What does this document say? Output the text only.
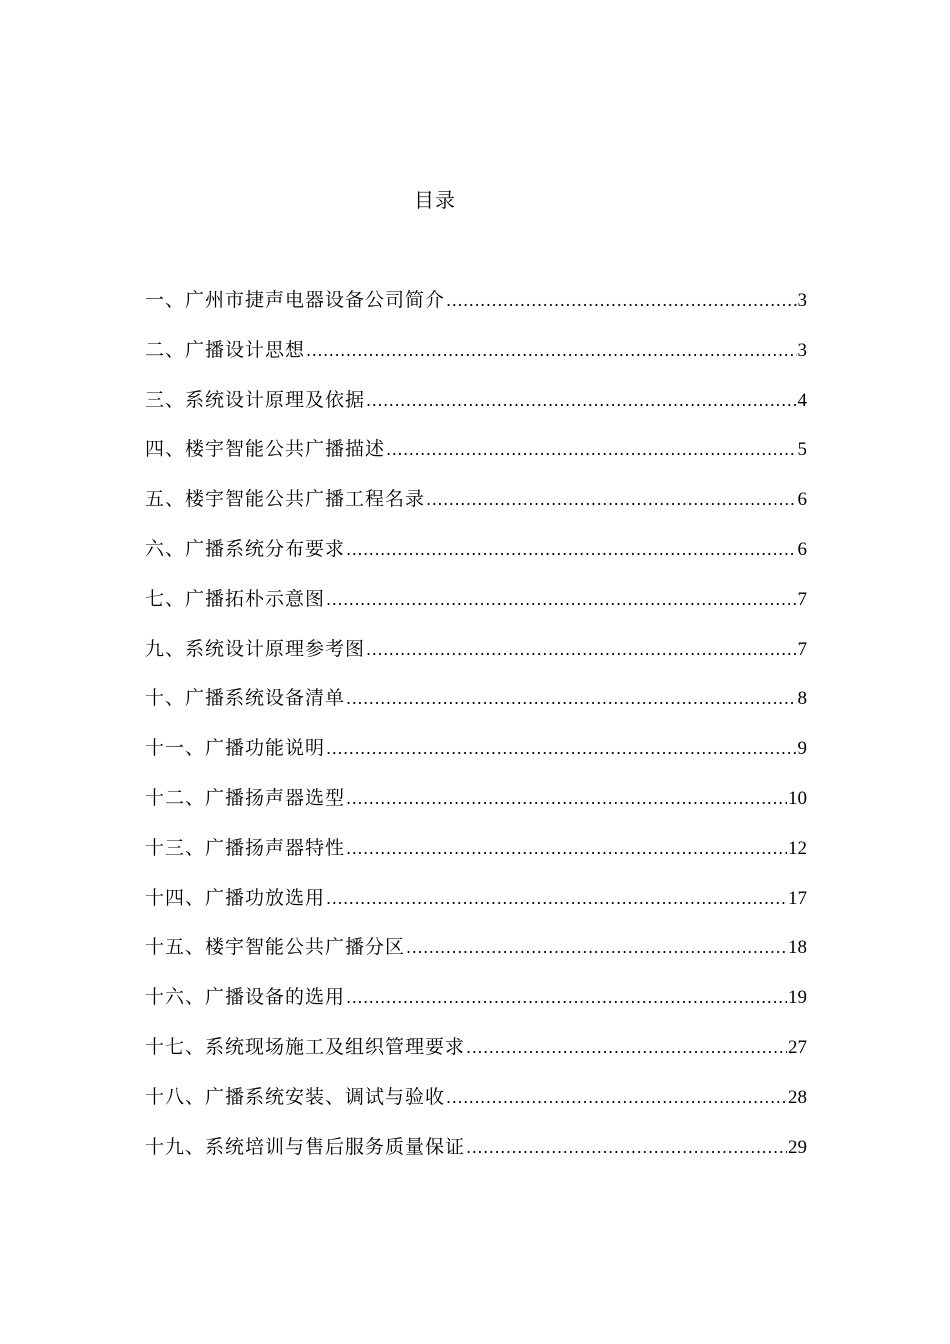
目录
一、广州市捷声电器设备公司简介 .....	3
二、广播设计思想 .....	3
三、系统设计原理及依据 .....	4
四、楼宇智能公共广播描述 .....	5
五、楼宇智能公共广播工程名录 .....	6
六、广播系统分布要求 .....	6
七、广播拓朴示意图 .....	7
九、系统设计原理参考图 .....	7
十、广播系统设备清单 .....	8
十一、广播功能说明 .....	9
十二、广播扬声器选型 .....	10
十三、广播扬声器特性 .....	12
十四、广播功放选用 .....	17
十五、楼宇智能公共广播分区 .....	18
十六、广播设备的选用 .....	19
十七、系统现场施工及组织管理要求 .....	27
十八、广播系统安装、调试与验收 .....	28
十九、系统培训与售后服务质量保证 .....	29
